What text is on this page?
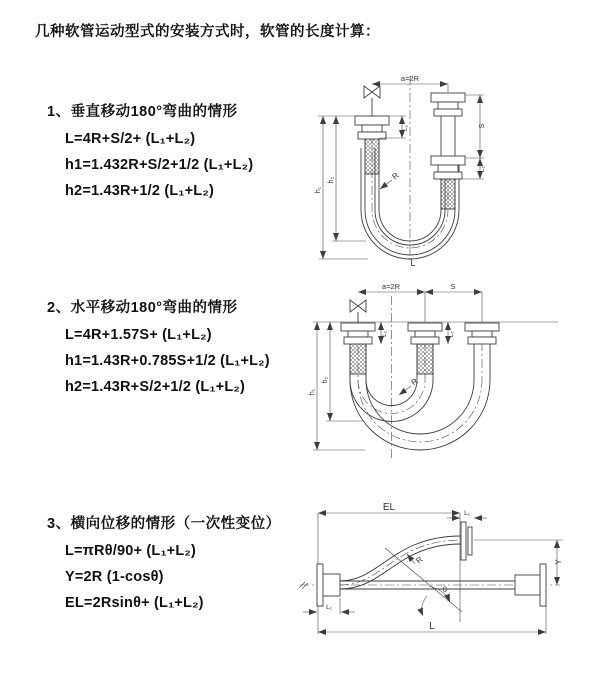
几种软管运动型式的安装方式时，软管的长度计算：
1、垂直移动180°弯曲的情形
L=4R+S/2+ (L₁+L₂)
h1=1.432R+S/2+1/2 (L₁+L₂)
h2=1.43R+1/2 (L₁+L₂)
a=2R
h₁
h₂
L₁	S
L₂
R
L
2、水平移动180°弯曲的情形
L=4R+1.57S+ (L₁+L₂)
h1=1.43R+0.785S+1/2 (L₁+L₂)
h2=1.43R+S/2+1/2 (L₁+L₂)
a=2R	S
h₁
h₂
L₁	L₂
R
3、横向位移的情形（一次性变位）
L=πRθ/90+ (L₁+L₂)
Y=2R (1-cosθ)
EL=2Rsinθ+ (L₁+L₂)
θ
R
EL
L₁
Y
L₁
L
